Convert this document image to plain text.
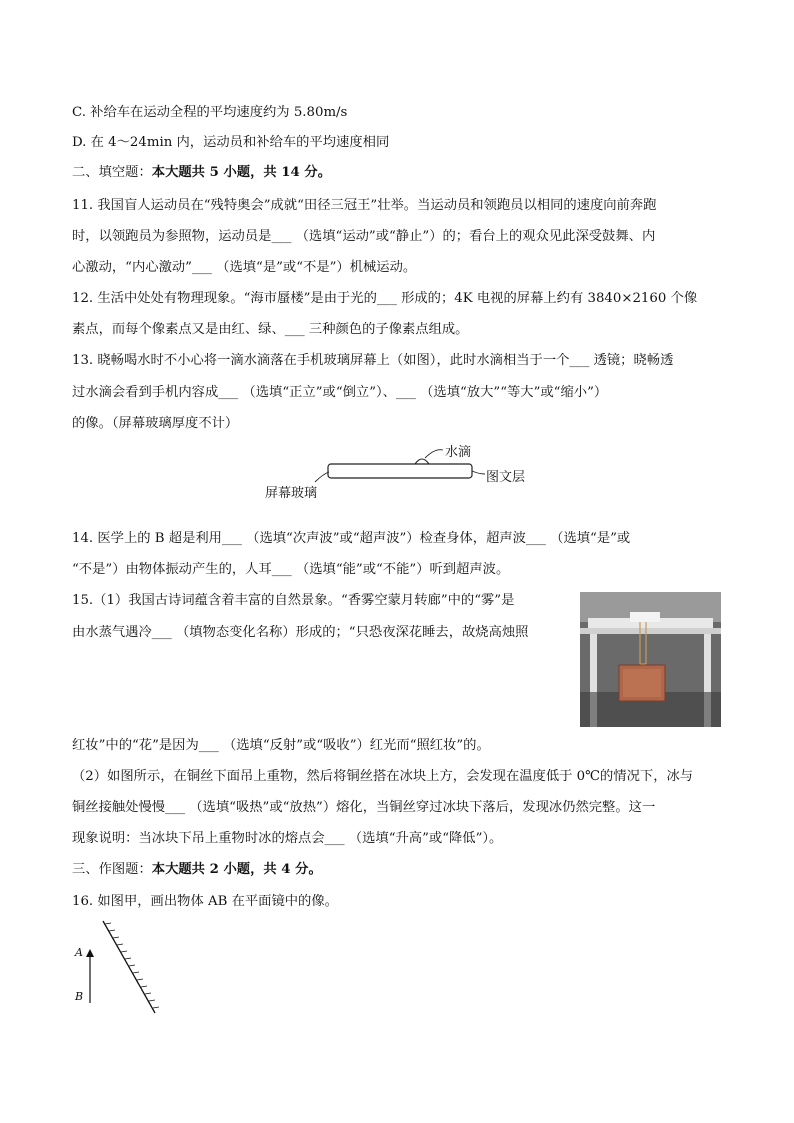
C. 补给车在运动全程的平均速度约为 5.80m/s
D. 在 4～24min 内，运动员和补给车的平均速度相同
二、填空题：本大题共 5 小题，共 14 分。
11. 我国盲人运动员在“残特奥会”成就“田径三冠王”壮举。当运动员和领跑员以相同的速度向前奔跑
时，以领跑员为参照物，运动员是___ （选填“运动”或“静止”）的；看台上的观众见此深受鼓舞、内
心激动，“内心激动”___ （选填“是”或“不是”）机械运动。
12. 生活中处处有物理现象。“海市蜃楼”是由于光的___ 形成的；4K 电视的屏幕上约有 3840×2160 个像
素点，而每个像素点又是由红、绿、___ 三种颜色的子像素点组成。
13. 晓畅喝水时不小心将一滴水滴落在手机玻璃屏幕上（如图），此时水滴相当于一个___ 透镜；晓畅透
过水滴会看到手机内容成___ （选填“正立”或“倒立”）、___ （选填“放大”“等大”或“缩小”）
的像。（屏幕玻璃厚度不计）
水滴
图文层
屏幕玻璃
14. 医学上的 B 超是利用___ （选填“次声波”或“超声波”）检查身体，超声波___ （选填“是”或
“不是”）由物体振动产生的，人耳___ （选填“能”或“不能”）听到超声波。
15.（1）我国古诗词蕴含着丰富的自然景象。“香雾空蒙月转廊”中的“雾”是
由水蒸气遇冷___ （填物态变化名称）形成的；“只恐夜深花睡去，故烧高烛照
红妆”中的“花”是因为___ （选填“反射”或“吸收”）红光而“照红妆”的。
（2）如图所示，在铜丝下面吊上重物，然后将铜丝搭在冰块上方，会发现在温度低于 0℃的情况下，冰与
铜丝接触处慢慢___ （选填“吸热”或“放热”）熔化，当铜丝穿过冰块下落后，发现冰仍然完整。这一
现象说明：当冰块下吊上重物时冰的熔点会___ （选填“升高”或“降低”）。
三、作图题：本大题共 2 小题，共 4 分。
16. 如图甲，画出物体 AB 在平面镜中的像。
A
B
